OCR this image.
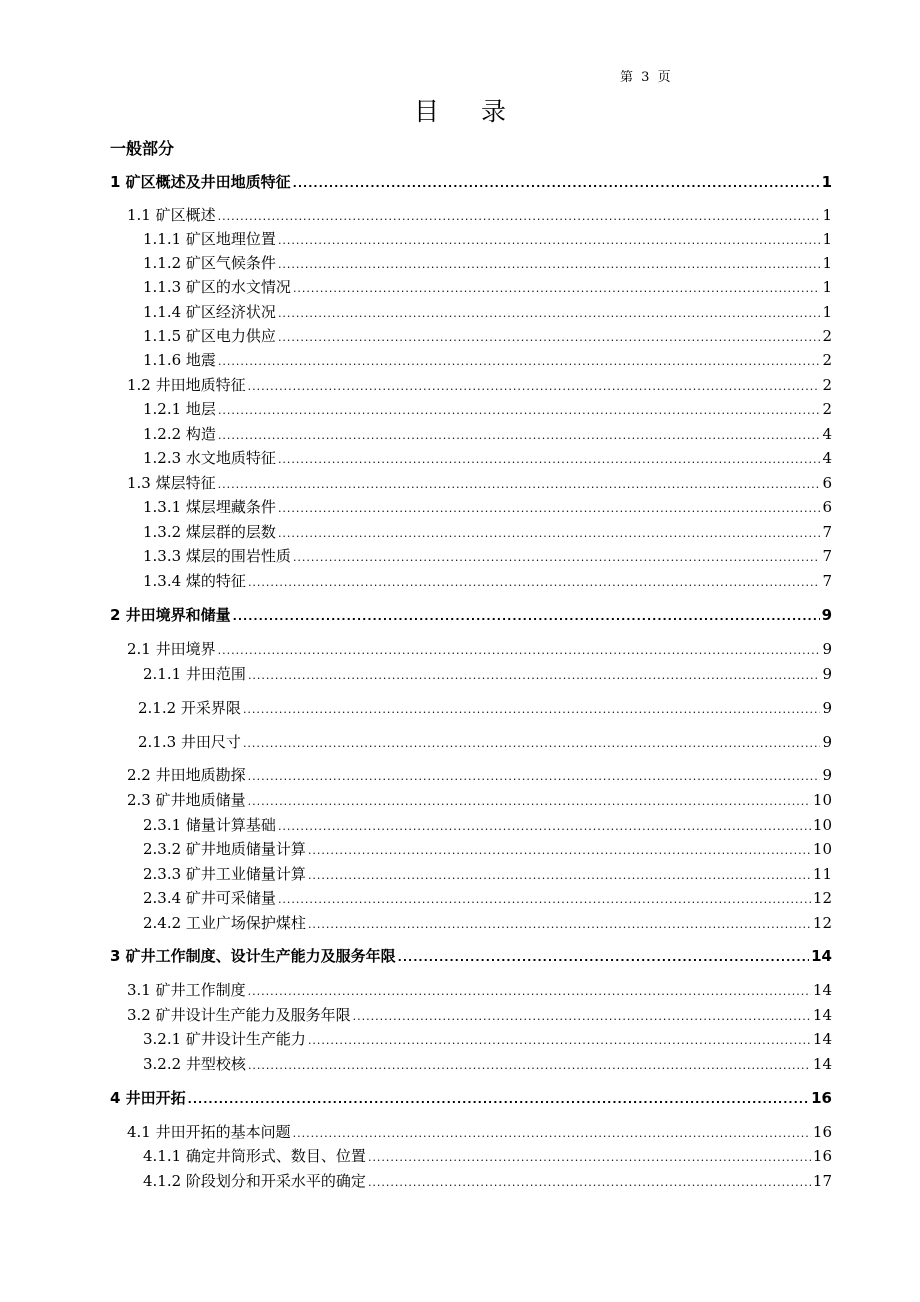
第 3 页
目录
一般部分
1 矿区概述及井田地质特征 .....	1
1.1 矿区概述 .....	1
1.1.1 矿区地理位置 .....	1
1.1.2 矿区气候条件 .....	1
1.1.3 矿区的水文情况 .....	1
1.1.4 矿区经济状况 .....	1
1.1.5 矿区电力供应 .....	2
1.1.6 地震 .....	2
1.2 井田地质特征 .....	2
1.2.1 地层 .....	2
1.2.2 构造 .....	4
1.2.3 水文地质特征 .....	4
1.3 煤层特征 .....	6
1.3.1 煤层埋藏条件 .....	6
1.3.2 煤层群的层数 .....	7
1.3.3 煤层的围岩性质 .....	7
1.3.4 煤的特征 .....	7
2 井田境界和储量 .....	9
2.1 井田境界 .....	9
2.1.1 井田范围 .....	9
2.1.2 开采界限 .....	9
2.1.3 井田尺寸 .....	9
2.2 井田地质勘探 .....	9
2.3 矿井地质储量 .....	10
2.3.1 储量计算基础 .....	10
2.3.2 矿井地质储量计算 .....	10
2.3.3 矿井工业储量计算 .....	11
2.3.4 矿井可采储量 .....	12
2.4.2 工业广场保护煤柱 .....	12
3 矿井工作制度、设计生产能力及服务年限 .....	14
3.1 矿井工作制度 .....	14
3.2 矿井设计生产能力及服务年限 .....	14
3.2.1 矿井设计生产能力 .....	14
3.2.2 井型校核 .....	14
4 井田开拓 .....	16
4.1 井田开拓的基本问题 .....	16
4.1.1 确定井筒形式、数目、位置 .....	16
4.1.2 阶段划分和开采水平的确定 .....	17
